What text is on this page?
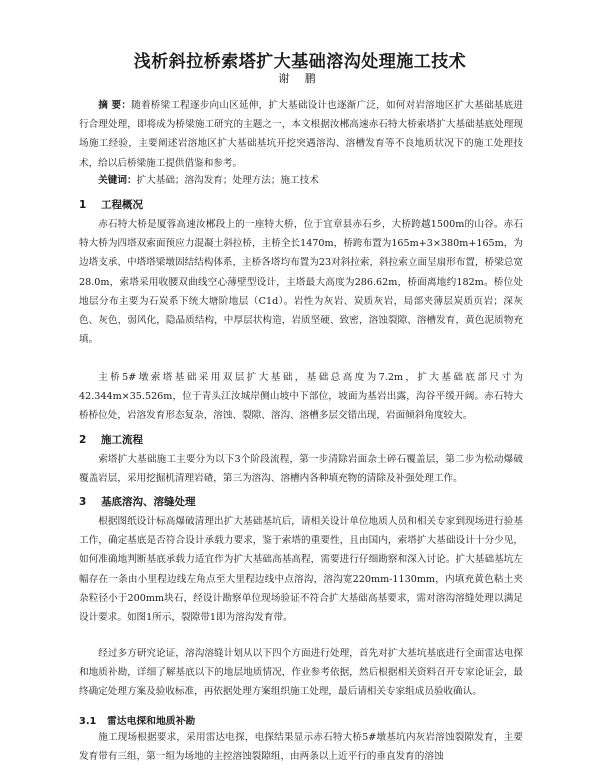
浅析斜拉桥索塔扩大基础溶沟处理施工技术
谢 鹏

摘 要：随着桥梁工程逐步向山区延伸，扩大基础设计也逐渐广泛，如何对岩溶地区扩大基础基底进行合理处理，即将成为桥梁施工研究的主题之一，本文根据汝郴高速赤石特大桥索塔扩大基础基底处理现场施工经验，主要阐述岩溶地区扩大基础基坑开挖突遇溶沟、溶槽发育等不良地质状况下的施工处理技术，给以后桥梁施工提供借鉴和参考。

关键词：扩大基础；溶沟发育；处理方法；施工技术

1 工程概况

赤石特大桥是厦蓉高速汝郴段上的一座特大桥，位于宜章县赤石乡，大桥跨越1500m的山谷。赤石特大桥为四塔双索面预应力混凝土斜拉桥，主桥全长1470m，桥跨布置为165m+3×380m+165m，为边塔支承、中塔塔梁墩固结结构体系，主桥各塔均布置为23对斜拉索，斜拉索立面呈扇形布置，桥梁总宽28.0m，索塔采用收腰双曲线空心薄壁型设计，主塔最大高度为286.62m，桥面离地约182m。桥位处地层分布主要为石炭系下统大塘阶地层（C1d）。岩性为灰岩、炭质灰岩，局部夹薄层炭质页岩；深灰色、灰色，弱风化，隐晶质结构，中厚层状构造，岩质坚硬、致密，溶蚀裂隙、溶槽发育，黄色泥质物充填。

主桥5#墩索塔基础采用双层扩大基础，基础总高度为7.2m，扩大基础底部尺寸为42.344m×35.526m，位于青头江汝城岸侧山坡中下部位，坡面为基岩出露，沟谷平缓开阔。赤石特大桥桥位处，岩溶发育形态复杂，溶蚀、裂隙、溶沟、溶槽多层交错出现，岩面倾斜角度较大。

2 施工流程

索塔扩大基础施工主要分为以下3个阶段流程，第一步清除岩面杂土碎石覆盖层，第二步为松动爆破覆盖岩层，采用挖掘机清理岩碴，第三为溶沟、溶槽内各种填充物的清除及补强处理工作。

3 基底溶沟、溶缝处理

根据图纸设计标高爆破清理出扩大基础基坑后，请相关设计单位地质人员和相关专家到现场进行验基工作，确定基底是否符合设计承载力要求，鉴于索塔的重要性，且由国内，索塔扩大基础设计十分少见，如何准确地判断基底承载力适宜作为扩大基础高基高程，需要进行仔细勘察和深入讨论。扩大基础基坑左幅存在一条由小里程边线左角点至大里程边线中点溶沟，溶沟宽220mm-1130mm，内填充黄色粘土夹杂粒径小于200mm块石，经设计勘察单位现场验证不符合扩大基础高基要求，需对溶沟溶缝处理以满足设计要求。如图1所示，裂隙带1即为溶沟发育带。

经过多方研究论证，溶沟溶缝计划从以下四个方面进行处理，首先对扩大基坑基底进行全面雷达电探和地质补勘，详细了解基底以下的地层地质情况，作业参考依据，然后根据相关资料召开专家论证会，最终确定处理方案及验收标准，再依据处理方案组织施工处理，最后请相关专家组成员验收确认。

3.1 雷达电探和地质补勘

施工现场根据要求，采用雷达电探，电探结果显示赤石特大桥5#墩基坑内灰岩溶蚀裂隙发育，主要发育带有三组，第一组为场地的主控溶蚀裂隙组，由两条以上近平行的垂直发育的溶蚀
